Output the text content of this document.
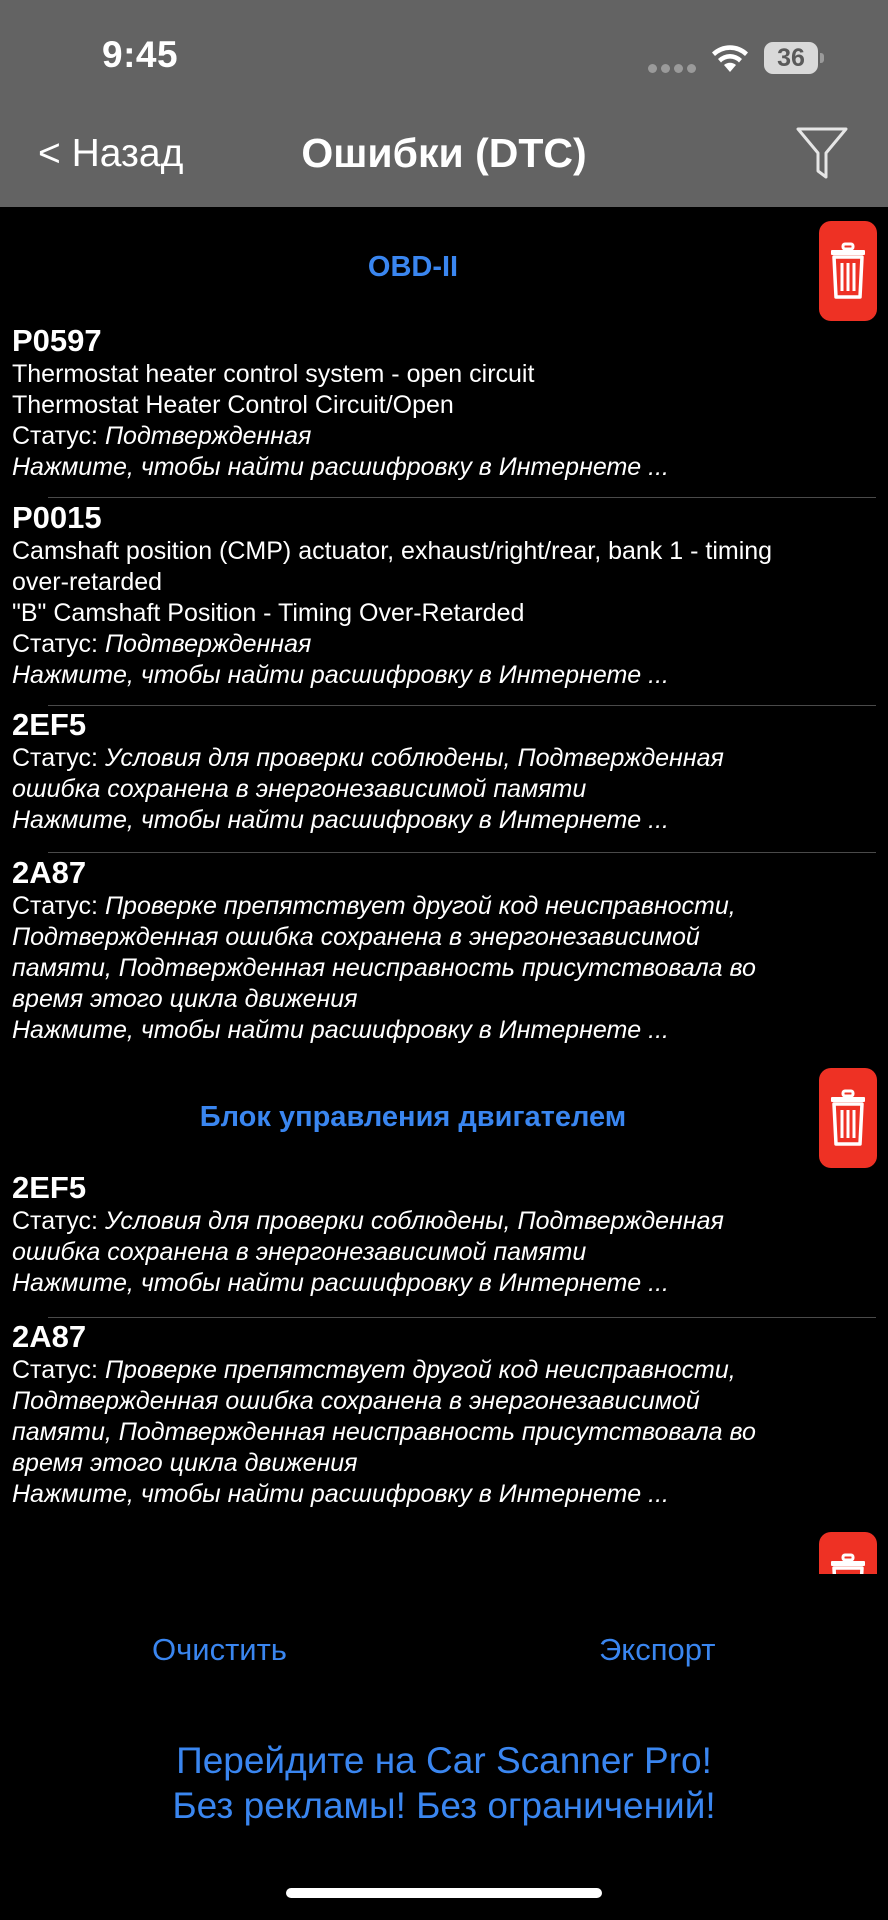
9:45	36
< Назад	Ошибки (DTC)
OBD-II
P0597
Thermostat heater control system - open circuit
Thermostat Heater Control Circuit/Open
Статус: Подтвержденная
Нажмите, чтобы найти расшифровку в Интернете ...
P0015
Camshaft position (CMP) actuator, exhaust/right/rear, bank 1 - timing
over-retarded
"B" Camshaft Position - Timing Over-Retarded
Статус: Подтвержденная
Нажмите, чтобы найти расшифровку в Интернете ...
2EF5
Статус: Условия для проверки соблюдены, Подтвержденная
ошибка сохранена в энергонезависимой памяти
Нажмите, чтобы найти расшифровку в Интернете ...
2A87
Статус: Проверке препятствует другой код неисправности,
Подтвержденная ошибка сохранена в энергонезависимой
памяти, Подтвержденная неисправность присутствовала во
время этого цикла движения
Нажмите, чтобы найти расшифровку в Интернете ...
Блок управления двигателем
2EF5
Статус: Условия для проверки соблюдены, Подтвержденная
ошибка сохранена в энергонезависимой памяти
Нажмите, чтобы найти расшифровку в Интернете ...
2A87
Статус: Проверке препятствует другой код неисправности,
Подтвержденная ошибка сохранена в энергонезависимой
памяти, Подтвержденная неисправность присутствовала во
время этого цикла движения
Нажмите, чтобы найти расшифровку в Интернете ...
Очистить	Экспорт
Перейдите на Car Scanner Pro!
Без рекламы! Без ограничений!
